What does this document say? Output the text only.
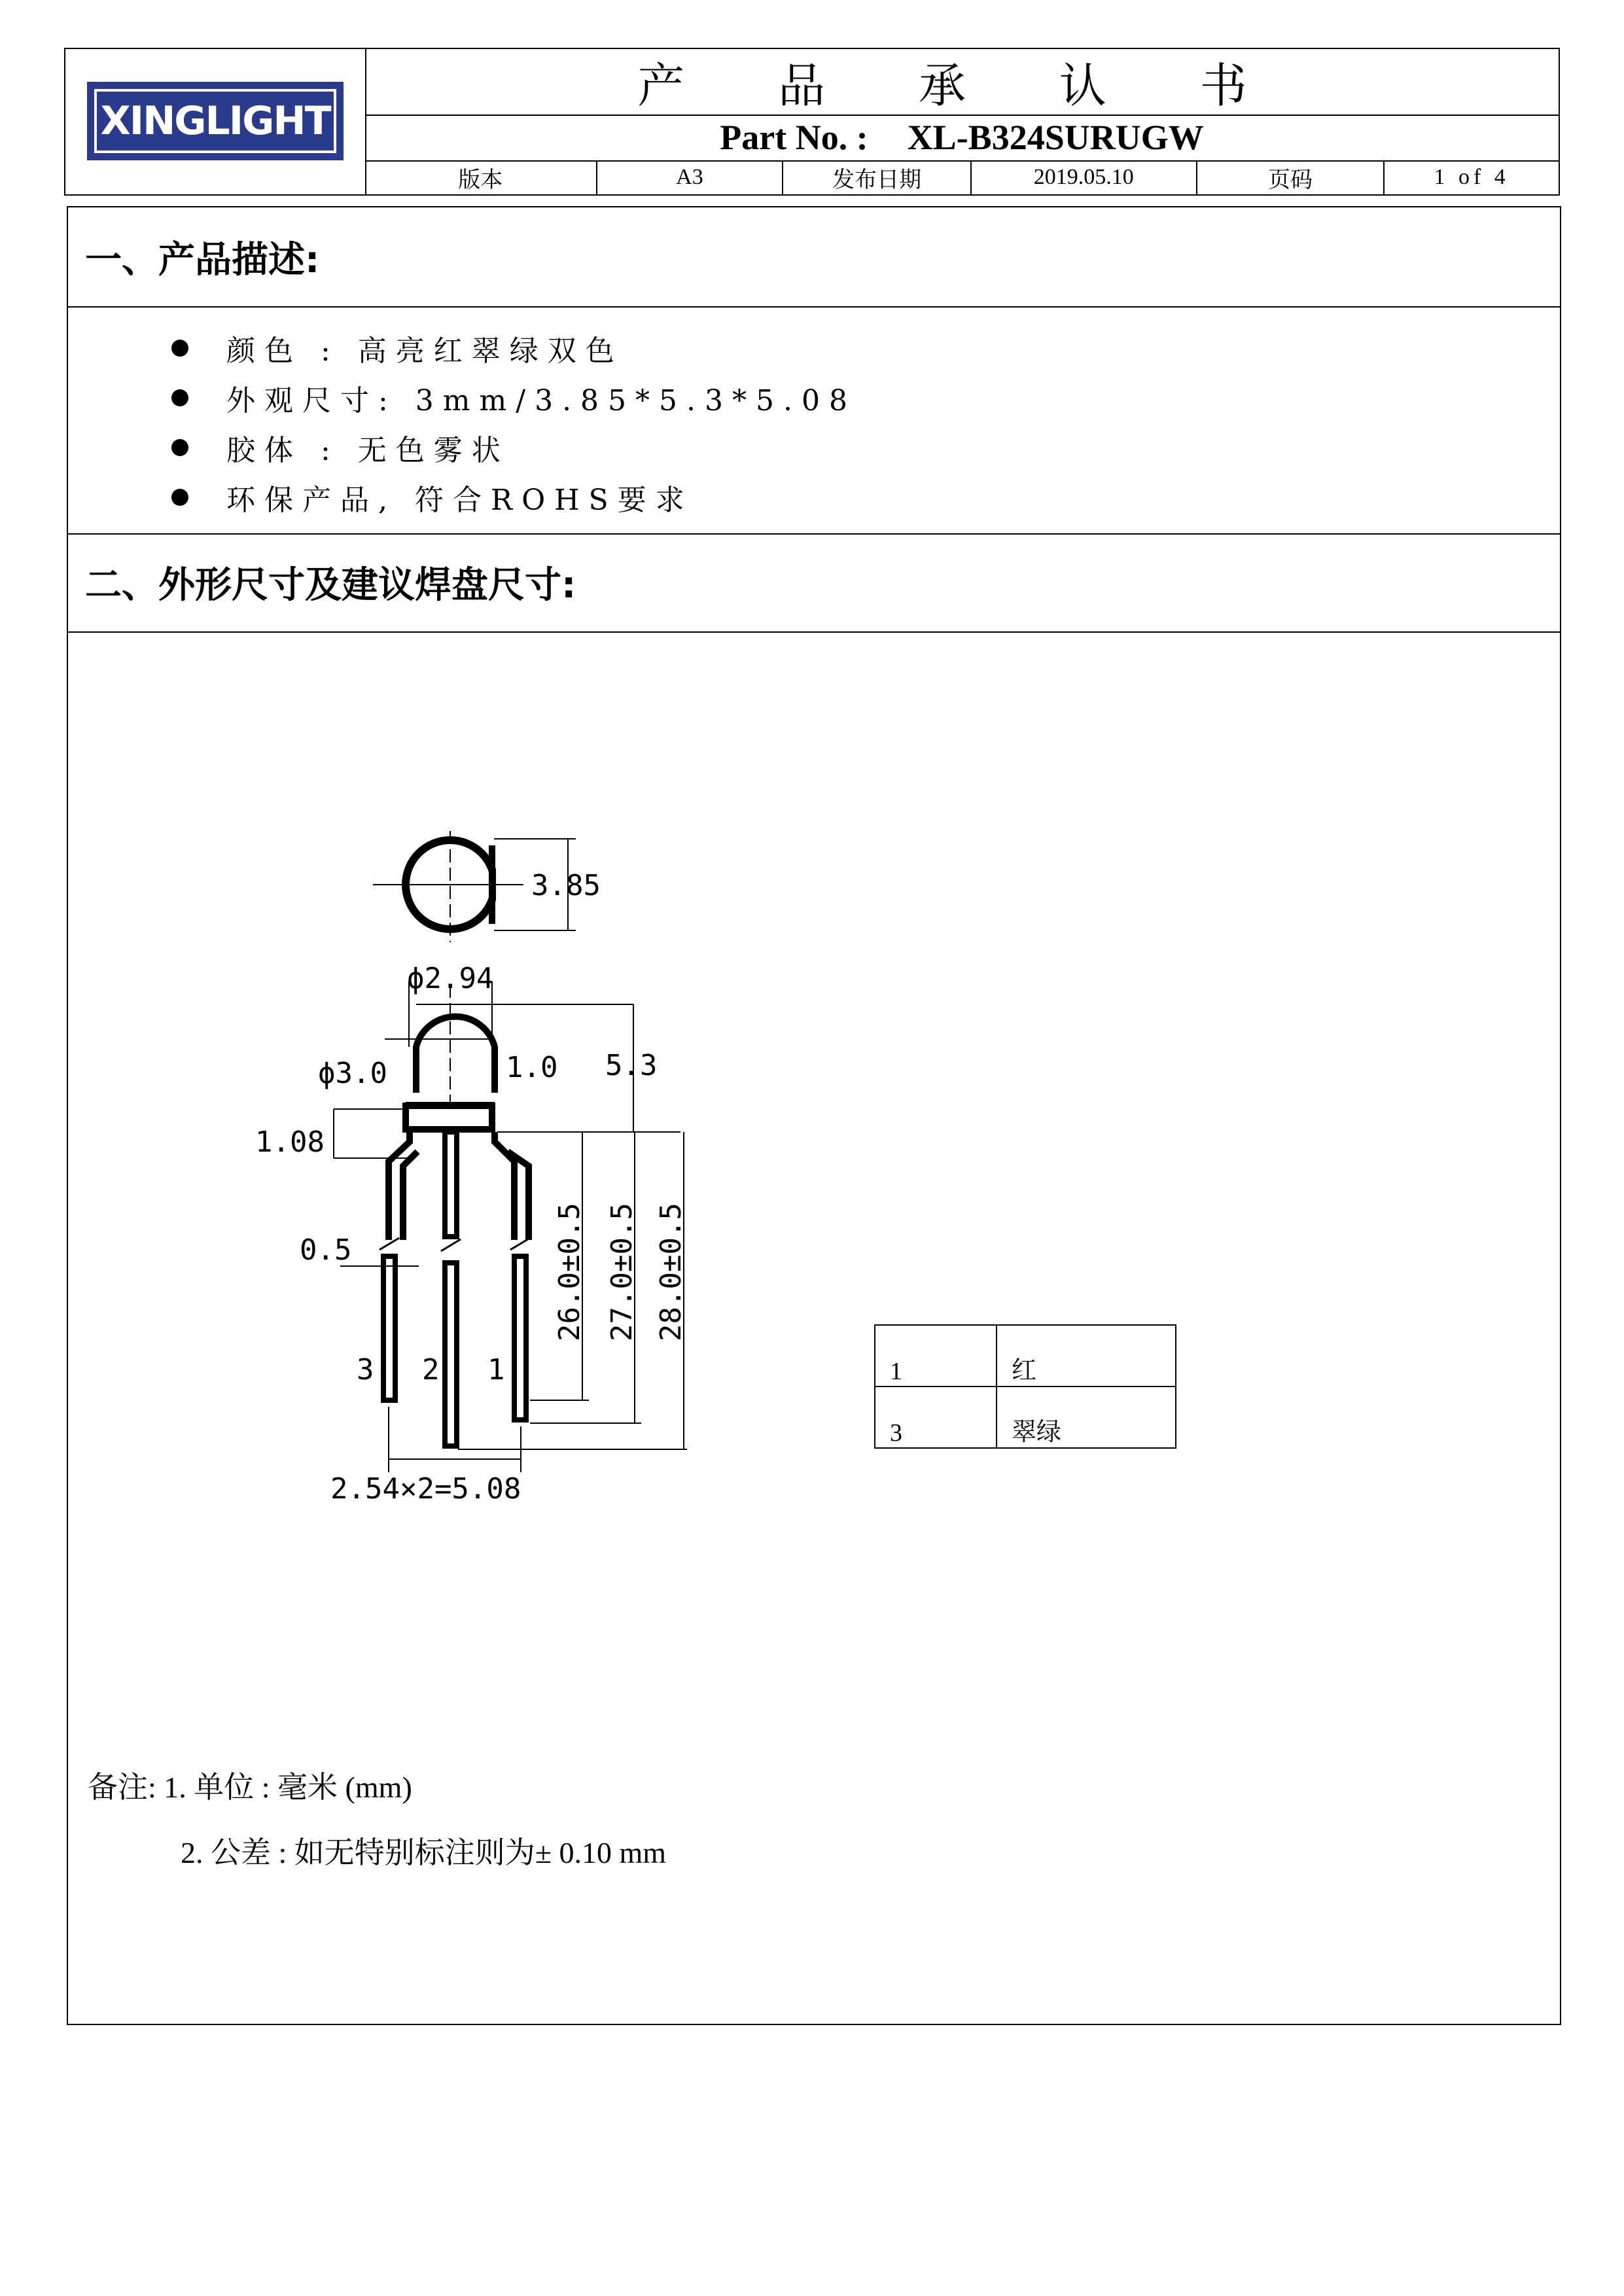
XINGLIGHT
产 品 承 认 书
Part No. : XL-B324SURUGW
版本	A3	发布日期	2019.05.10	页码	1 of 4
一、产品描述:
颜色 : 高亮红翠绿双色
外观尺寸: 3mm/3.85*5.3*5.08
胶体 : 无色雾状
环保产品, 符合ROHS要求
二、外形尺寸及建议焊盘尺寸:
备注: 1. 单位 : 毫米 (mm)
2. 公差 : 如无特别标注则为± 0.10 mm
3.85
ϕ2.94
ϕ3.0	1.0 5.3
1.08
0.5	26.0±0.5 27.0±0.5 28.0±0.5
3 2 1
2.54×2=5.08
1	红
3	翠绿
